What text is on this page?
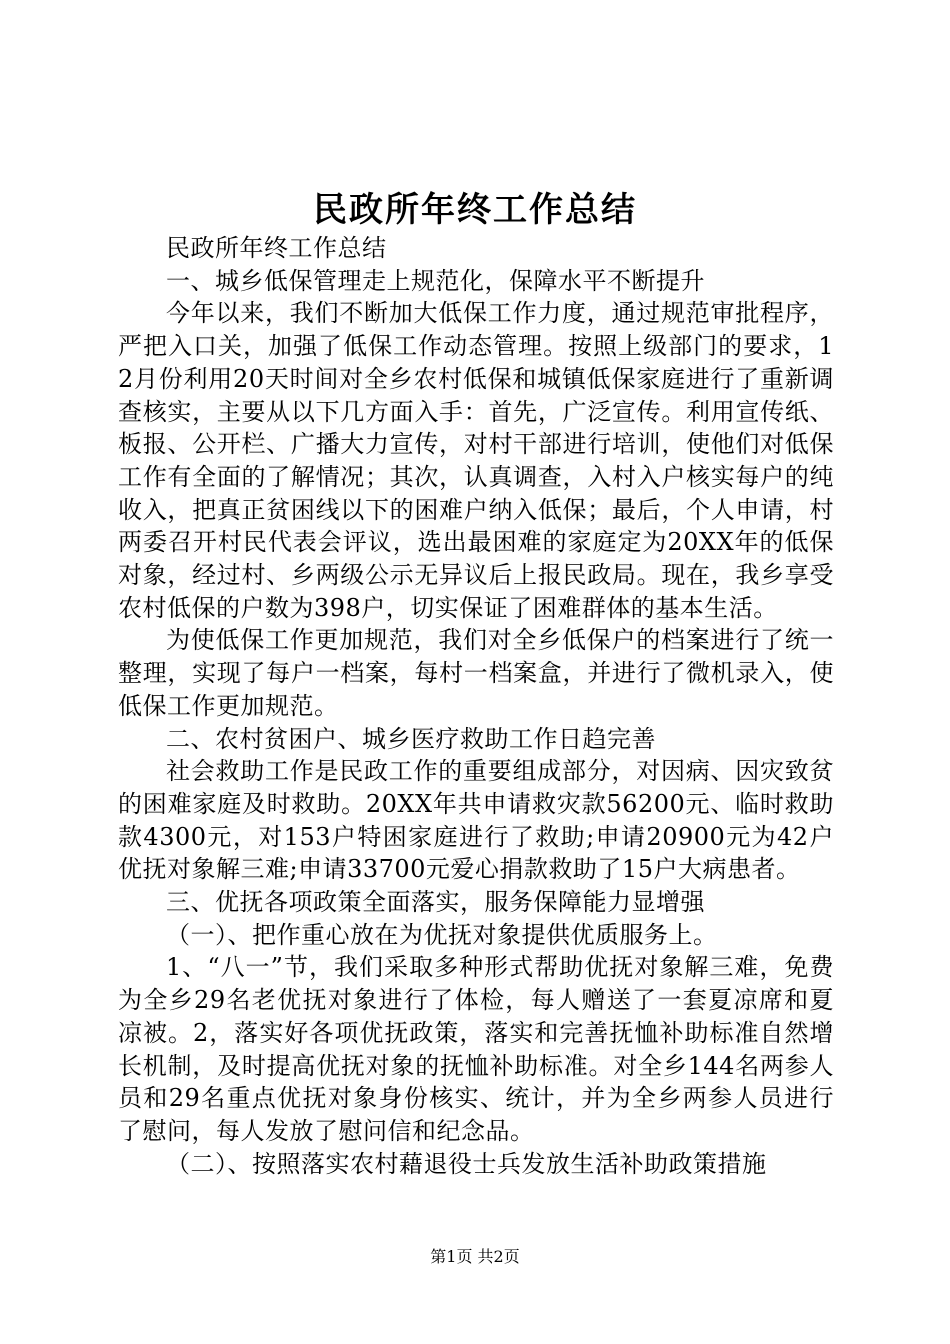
民政所年终工作总结

民政所年终工作总结

一、城乡低保管理走上规范化，保障水平不断提升

今年以来，我们不断加大低保工作力度，通过规范审批程序，严把入口关，加强了低保工作动态管理。按照上级部门的要求，12月份利用20天时间对全乡农村低保和城镇低保家庭进行了重新调查核实，主要从以下几方面入手：首先，广泛宣传。利用宣传纸、板报、公开栏、广播大力宣传，对村干部进行培训，使他们对低保工作有全面的了解情况；其次，认真调查，入村入户核实每户的纯收入，把真正贫困线以下的困难户纳入低保；最后，个人申请，村两委召开村民代表会评议，选出最困难的家庭定为20XX年的低保对象，经过村、乡两级公示无异议后上报民政局。现在，我乡享受农村低保的户数为398户，切实保证了困难群体的基本生活。

为使低保工作更加规范，我们对全乡低保户的档案进行了统一整理，实现了每户一档案，每村一档案盒，并进行了微机录入，使低保工作更加规范。

二、农村贫困户、城乡医疗救助工作日趋完善

社会救助工作是民政工作的重要组成部分，对因病、因灾致贫的困难家庭及时救助。20XX年共申请救灾款56200元、临时救助款4300元，对153户特困家庭进行了救助;申请20900元为42户优抚对象解三难;申请33700元爱心捐款救助了15户大病患者。

三、优抚各项政策全面落实，服务保障能力显增强

（一）、把作重心放在为优抚对象提供优质服务上。

1、“八一”节，我们采取多种形式帮助优抚对象解三难，免费为全乡29名老优抚对象进行了体检，每人赠送了一套夏凉席和夏凉被。2，落实好各项优抚政策，落实和完善抚恤补助标准自然增长机制，及时提高优抚对象的抚恤补助标准。对全乡144名两参人员和29名重点优抚对象身份核实、统计，并为全乡两参人员进行了慰问，每人发放了慰问信和纪念品。

（二）、按照落实农村藉退役士兵发放生活补助政策措施

第1页 共2页
